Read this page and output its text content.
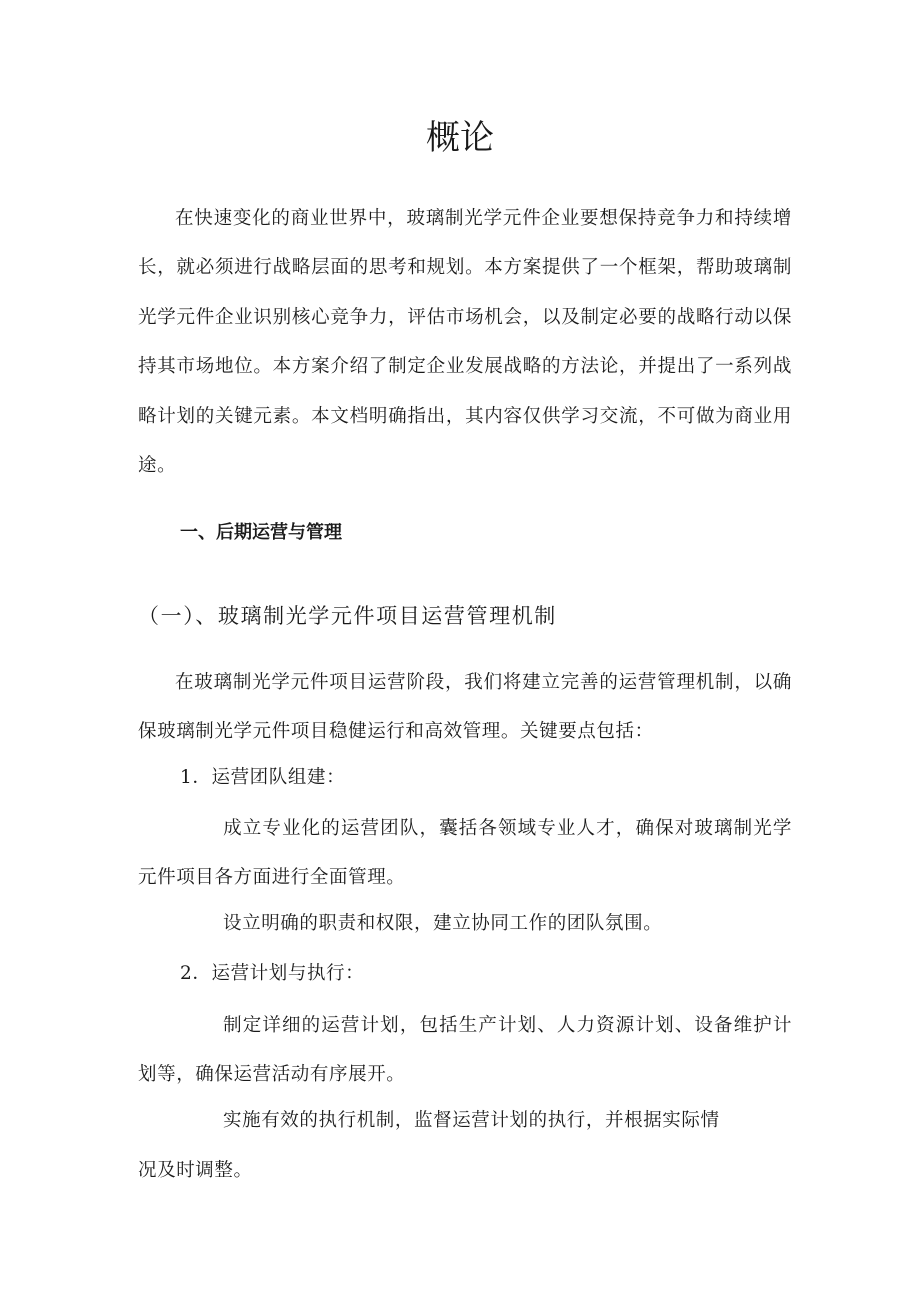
概论

在快速变化的商业世界中，玻璃制光学元件企业要想保持竞争力和持续增长，就必须进行战略层面的思考和规划。本方案提供了一个框架，帮助玻璃制光学元件企业识别核心竞争力，评估市场机会，以及制定必要的战略行动以保持其市场地位。本方案介绍了制定企业发展战略的方法论，并提出了一系列战略计划的关键元素。本文档明确指出，其内容仅供学习交流，不可做为商业用途。

一、后期运营与管理
（一）、玻璃制光学元件项目运营管理机制

在玻璃制光学元件项目运营阶段，我们将建立完善的运营管理机制，以确保玻璃制光学元件项目稳健运行和高效管理。关键要点包括：

1．运营团队组建：

成立专业化的运营团队，囊括各领域专业人才，确保对玻璃制光学元件项目各方面进行全面管理。

设立明确的职责和权限，建立协同工作的团队氛围。
2．运营计划与执行：

制定详细的运营计划，包括生产计划、人力资源计划、设备维护计划等，确保运营活动有序展开。

实施有效的执行机制，监督运营计划的执行，并根据实际情
况及时调整。
